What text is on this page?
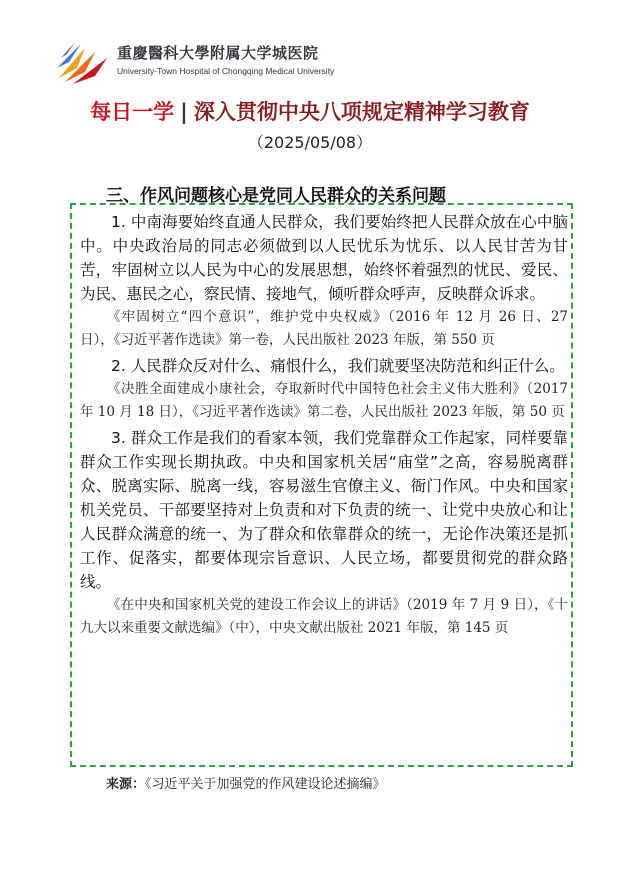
重慶醫科大學附属大学城医院
University-Town Hospital of Chongqing Medical University
每日一学 | 深入贯彻中央八项规定精神学习教育
（2025/05/08）
三、作风问题核心是党同人民群众的关系问题

1. 中南海要始终直通人民群众，我们要始终把人民群众放在心中脑中。中央政治局的同志必须做到以人民忧乐为忧乐、以人民甘苦为甘苦，牢固树立以人民为中心的发展思想，始终怀着强烈的忧民、爱民、为民、惠民之心，察民情、接地气，倾听群众呼声，反映群众诉求。

《牢固树立“四个意识”，维护党中央权威》（2016 年 12 月 26 日、27 日），《习近平著作选读》第一卷，人民出版社 2023 年版，第 550 页

2. 人民群众反对什么、痛恨什么，我们就要坚决防范和纠正什么。

《决胜全面建成小康社会，夺取新时代中国特色社会主义伟大胜利》（2017 年 10 月 18 日），《习近平著作选读》第二卷，人民出版社 2023 年版，第 50 页

3. 群众工作是我们的看家本领，我们党靠群众工作起家，同样要靠群众工作实现长期执政。中央和国家机关居“庙堂”之高，容易脱离群众、脱离实际、脱离一线，容易滋生官僚主义、衙门作风。中央和国家机关党员、干部要坚持对上负责和对下负责的统一、让党中央放心和让人民群众满意的统一、为了群众和依靠群众的统一，无论作决策还是抓工作、促落实，都要体现宗旨意识、人民立场，都要贯彻党的群众路线。

《在中央和国家机关党的建设工作会议上的讲话》（2019 年 7 月 9 日），《十九大以来重要文献选编》（中），中央文献出版社 2021 年版，第 145 页

来源：《习近平关于加强党的作风建设论述摘编》
